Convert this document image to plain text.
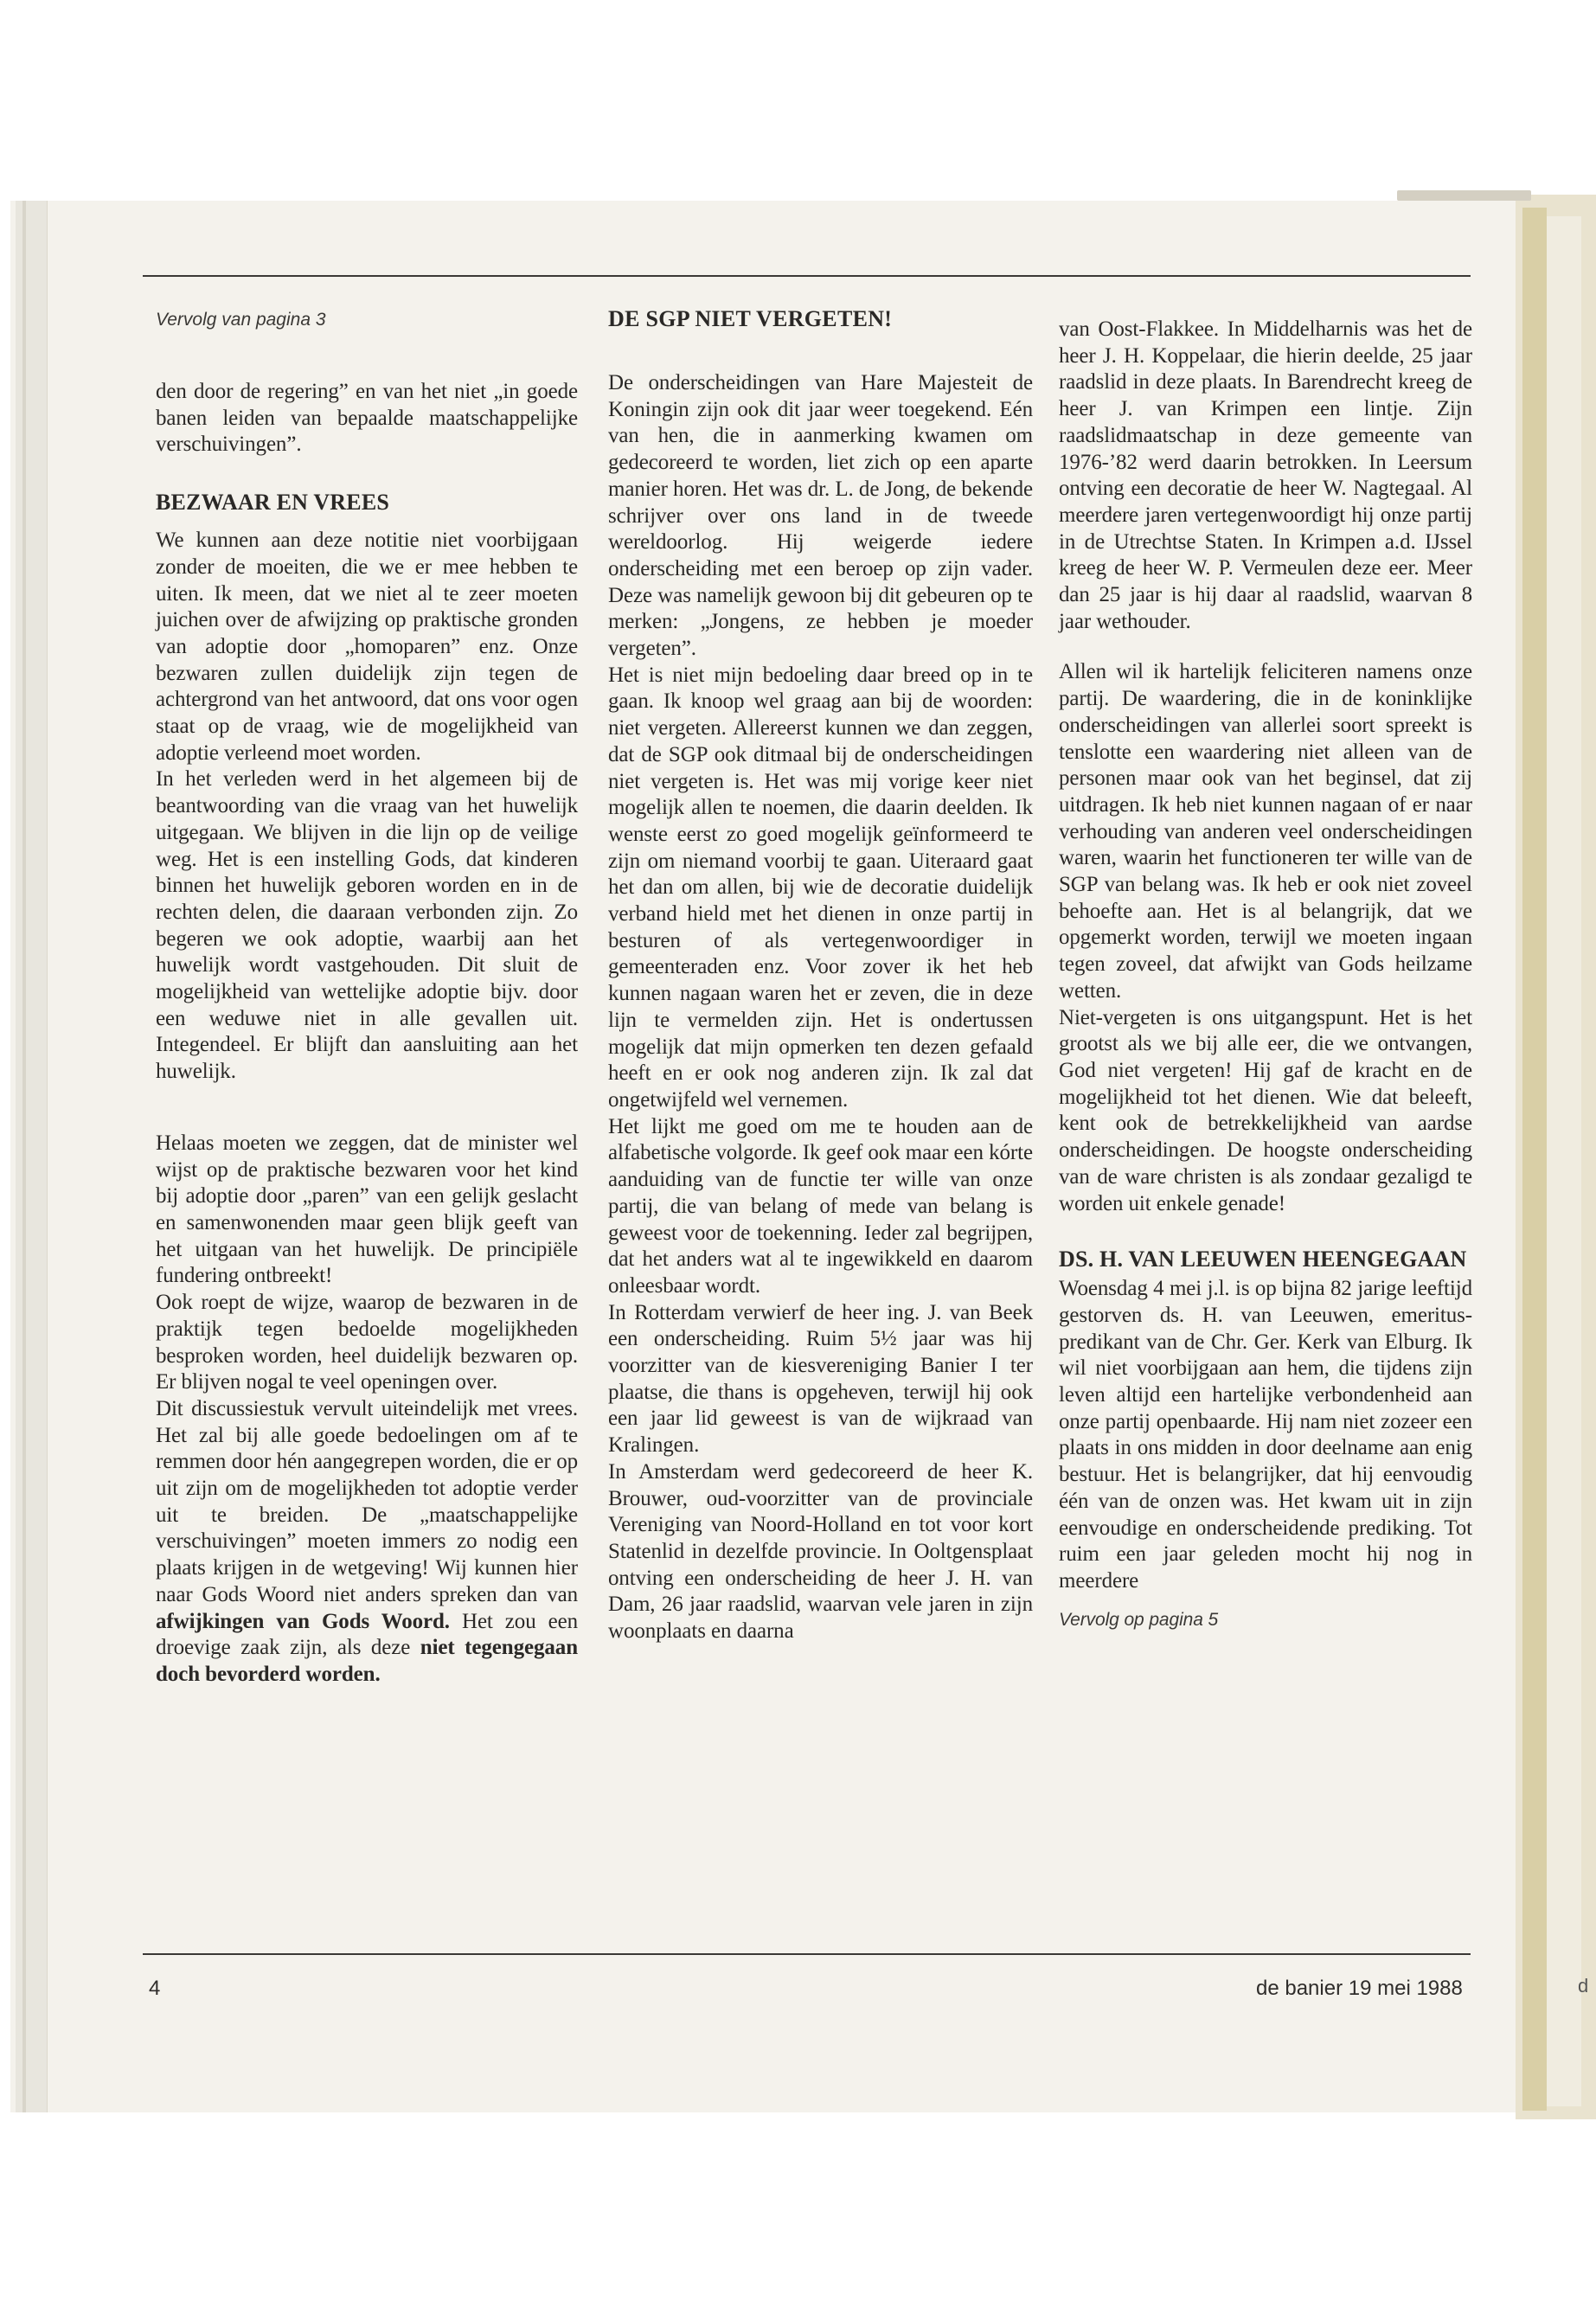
Vervolg van pagina 3	DE SGP NIET VERGETEN!

den door de regering” en van het niet „in goede banen leiden van bepaalde maatschappelijke verschuivingen”.

BEZWAAR EN VREES

We kunnen aan deze notitie niet voorbijgaan zonder de moeiten, die we er mee hebben te uiten. Ik meen, dat we niet al te zeer moeten juichen over de afwijzing op praktische gronden van adoptie door „homoparen” enz. Onze bezwaren zullen duidelijk zijn tegen de achtergrond van het antwoord, dat ons voor ogen staat op de vraag, wie de mogelijkheid van adoptie verleend moet worden.

In het verleden werd in het algemeen bij de beantwoording van die vraag van het huwelijk uitgegaan. We blijven in die lijn op de veilige weg. Het is een instelling Gods, dat kinderen binnen het huwelijk geboren worden en in de rechten delen, die daaraan verbonden zijn. Zo begeren we ook adoptie, waarbij aan het huwelijk wordt vastgehouden. Dit sluit de mogelijkheid van wettelijke adoptie bijv. door een weduwe niet in alle gevallen uit. Integendeel. Er blijft dan aansluiting aan het huwelijk.

Helaas moeten we zeggen, dat de minister wel wijst op de praktische bezwaren voor het kind bij adoptie door „paren” van een gelijk geslacht en samenwonenden maar geen blijk geeft van het uitgaan van het huwelijk. De principiële fundering ontbreekt!

Ook roept de wijze, waarop de bezwaren in de praktijk tegen bedoelde mogelijkheden besproken worden, heel duidelijk bezwaren op. Er blijven nogal te veel openingen over.

Dit discussiestuk vervult uiteindelijk met vrees. Het zal bij alle goede bedoelingen om af te remmen door hén aangegrepen worden, die er op uit zijn om de mogelijkheden tot adoptie verder uit te breiden. De „maatschappelijke verschuivingen” moeten immers zo nodig een plaats krijgen in de wetgeving! Wij kunnen hier naar Gods Woord niet anders spreken dan van afwijkingen van Gods Woord. Het zou een droevige zaak zijn, als deze niet tegengegaan doch bevorderd worden.

De onderscheidingen van Hare Majesteit de Koningin zijn ook dit jaar weer toegekend. Eén van hen, die in aanmerking kwamen om gedecoreerd te worden, liet zich op een aparte manier horen. Het was dr. L. de Jong, de bekende schrijver over ons land in de tweede wereldoorlog. Hij weigerde iedere onderscheiding met een beroep op zijn vader. Deze was namelijk gewoon bij dit gebeuren op te merken: „Jongens, ze hebben je moeder vergeten”.

Het is niet mijn bedoeling daar breed op in te gaan. Ik knoop wel graag aan bij de woorden: niet vergeten. Allereerst kunnen we dan zeggen, dat de SGP ook ditmaal bij de onderscheidingen niet vergeten is. Het was mij vorige keer niet mogelijk allen te noemen, die daarin deelden. Ik wenste eerst zo goed mogelijk geïnformeerd te zijn om niemand voorbij te gaan. Uiteraard gaat het dan om allen, bij wie de decoratie duidelijk verband hield met het dienen in onze partij in besturen of als vertegenwoordiger in gemeenteraden enz. Voor zover ik het heb kunnen nagaan waren het er zeven, die in deze lijn te vermelden zijn. Het is ondertussen mogelijk dat mijn opmerken ten dezen gefaald heeft en er ook nog anderen zijn. Ik zal dat ongetwijfeld wel vernemen.

Het lijkt me goed om me te houden aan de alfabetische volgorde. Ik geef ook maar een kórte aanduiding van de functie ter wille van onze partij, die van belang of mede van belang is geweest voor de toekenning. Ieder zal begrijpen, dat het anders wat al te ingewikkeld en daarom onleesbaar wordt.

In Rotterdam verwierf de heer ing. J. van Beek een onderscheiding. Ruim 5½ jaar was hij voorzitter van de kiesvereniging Banier I ter plaatse, die thans is opgeheven, terwijl hij ook een jaar lid geweest is van de wijkraad van Kralingen.

In Amsterdam werd gedecoreerd de heer K. Brouwer, oud-voorzitter van de provinciale Vereniging van Noord-Holland en tot voor kort Statenlid in dezelfde provincie. In Ooltgensplaat ontving een onderscheiding de heer J. H. van Dam, 26 jaar raadslid, waarvan vele jaren in zijn woonplaats en daarna

van Oost-Flakkee. In Middelharnis was het de heer J. H. Koppelaar, die hierin deelde, 25 jaar raadslid in deze plaats. In Barendrecht kreeg de heer J. van Krimpen een lintje. Zijn raadslidmaatschap in deze gemeente van 1976-’82 werd daarin betrokken. In Leersum ontving een decoratie de heer W. Nagtegaal. Al meerdere jaren vertegenwoordigt hij onze partij in de Utrechtse Staten. In Krimpen a.d. IJssel kreeg de heer W. P. Vermeulen deze eer. Meer dan 25 jaar is hij daar al raadslid, waarvan 8 jaar wethouder.

Allen wil ik hartelijk feliciteren namens onze partij. De waardering, die in de koninklijke onderscheidingen van allerlei soort spreekt is tenslotte een waardering niet alleen van de personen maar ook van het beginsel, dat zij uitdragen. Ik heb niet kunnen nagaan of er naar verhouding van anderen veel onderscheidingen waren, waarin het functioneren ter wille van de SGP van belang was. Ik heb er ook niet zoveel behoefte aan. Het is al belangrijk, dat we opgemerkt worden, terwijl we moeten ingaan tegen zoveel, dat afwijkt van Gods heilzame wetten.

Niet-vergeten is ons uitgangspunt. Het is het grootst als we bij alle eer, die we ontvangen, God niet vergeten! Hij gaf de kracht en de mogelijkheid tot het dienen. Wie dat beleeft, kent ook de betrekkelijkheid van aardse onderscheidingen. De hoogste onderscheiding van de ware christen is als zondaar gezaligd te worden uit enkele genade!

DS. H. VAN LEEUWEN HEENGEGAAN

Woensdag 4 mei j.l. is op bijna 82 jarige leeftijd gestorven ds. H. van Leeuwen, emeritus-predikant van de Chr. Ger. Kerk van Elburg. Ik wil niet voorbijgaan aan hem, die tijdens zijn leven altijd een hartelijke verbondenheid aan onze partij openbaarde. Hij nam niet zozeer een plaats in ons midden in door deelname aan enig bestuur. Het is belangrijker, dat hij eenvoudig één van de onzen was. Het kwam uit in zijn eenvoudige en onderscheidende prediking. Tot ruim een jaar geleden mocht hij nog in meerdere

Vervolg op pagina 5
4	de banier 19 mei 1988	d
